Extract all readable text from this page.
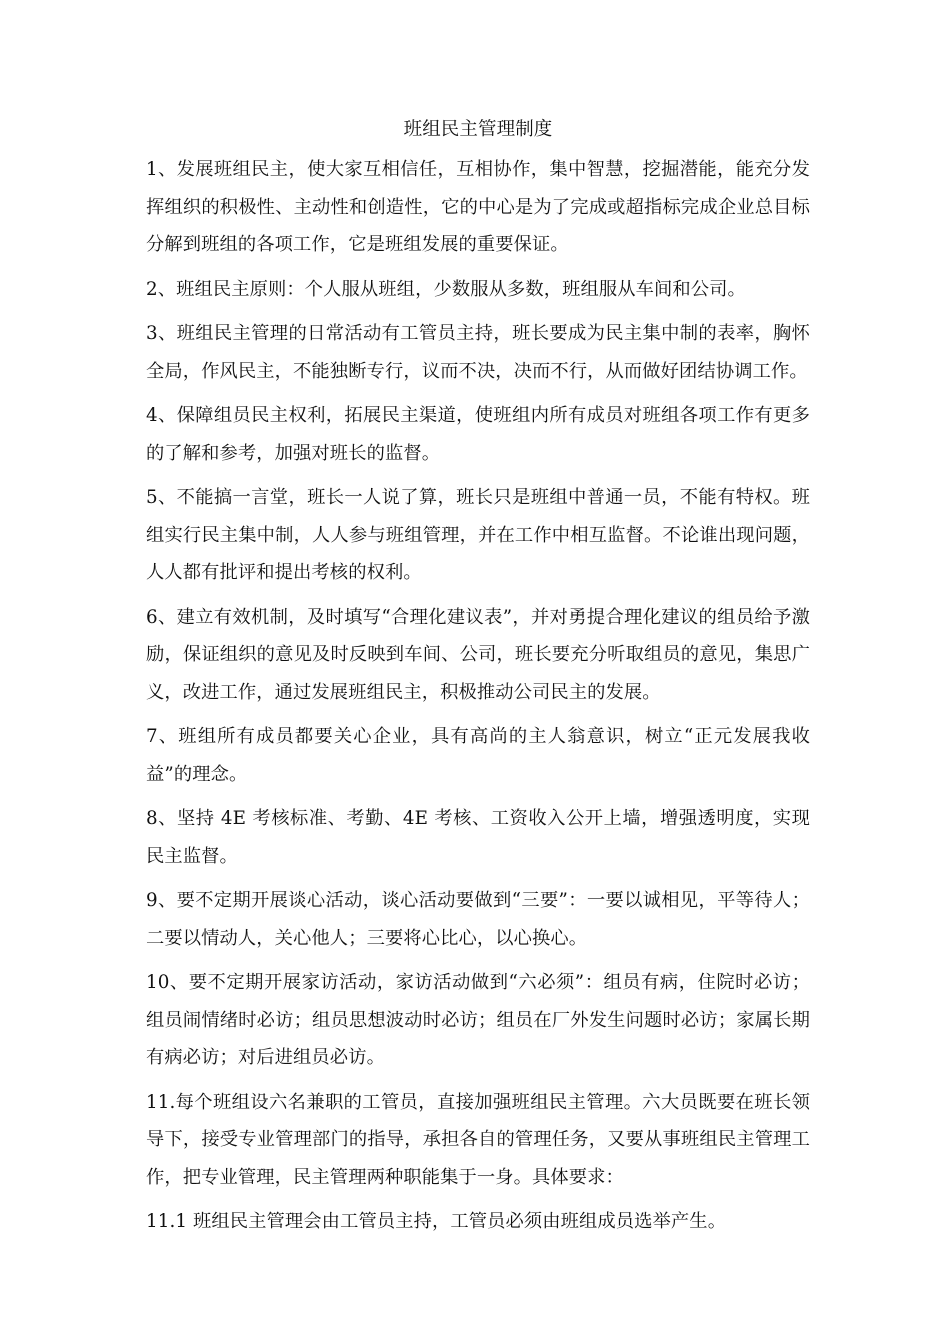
班组民主管理制度

1、发展班组民主，使大家互相信任，互相协作，集中智慧，挖掘潜能，能充分发挥组织的积极性、主动性和创造性，它的中心是为了完成或超指标完成企业总目标分解到班组的各项工作，它是班组发展的重要保证。

2、班组民主原则：个人服从班组，少数服从多数，班组服从车间和公司。

3、班组民主管理的日常活动有工管员主持，班长要成为民主集中制的表率，胸怀全局，作风民主，不能独断专行，议而不决，决而不行，从而做好团结协调工作。

4、保障组员民主权利，拓展民主渠道，使班组内所有成员对班组各项工作有更多的了解和参考，加强对班长的监督。

5、不能搞一言堂，班长一人说了算，班长只是班组中普通一员，不能有特权。班组实行民主集中制，人人参与班组管理，并在工作中相互监督。不论谁出现问题，人人都有批评和提出考核的权利。

6、建立有效机制，及时填写“合理化建议表”，并对勇提合理化建议的组员给予激励，保证组织的意见及时反映到车间、公司，班长要充分听取组员的意见，集思广义，改进工作，通过发展班组民主，积极推动公司民主的发展。

7、班组所有成员都要关心企业，具有高尚的主人翁意识，树立“正元发展我收益”的理念。

8、坚持 4E 考核标准、考勤、4E 考核、工资收入公开上墙，增强透明度，实现民主监督。

9、要不定期开展谈心活动，谈心活动要做到“三要”：一要以诚相见，平等待人；二要以情动人，关心他人；三要将心比心，以心换心。

10、要不定期开展家访活动，家访活动做到“六必须”：组员有病，住院时必访；组员闹情绪时必访；组员思想波动时必访；组员在厂外发生问题时必访；家属长期有病必访；对后进组员必访。

11.每个班组设六名兼职的工管员，直接加强班组民主管理。六大员既要在班长领导下，接受专业管理部门的指导，承担各自的管理任务，又要从事班组民主管理工作，把专业管理，民主管理两种职能集于一身。具体要求：

11.1 班组民主管理会由工管员主持，工管员必须由班组成员选举产生。
